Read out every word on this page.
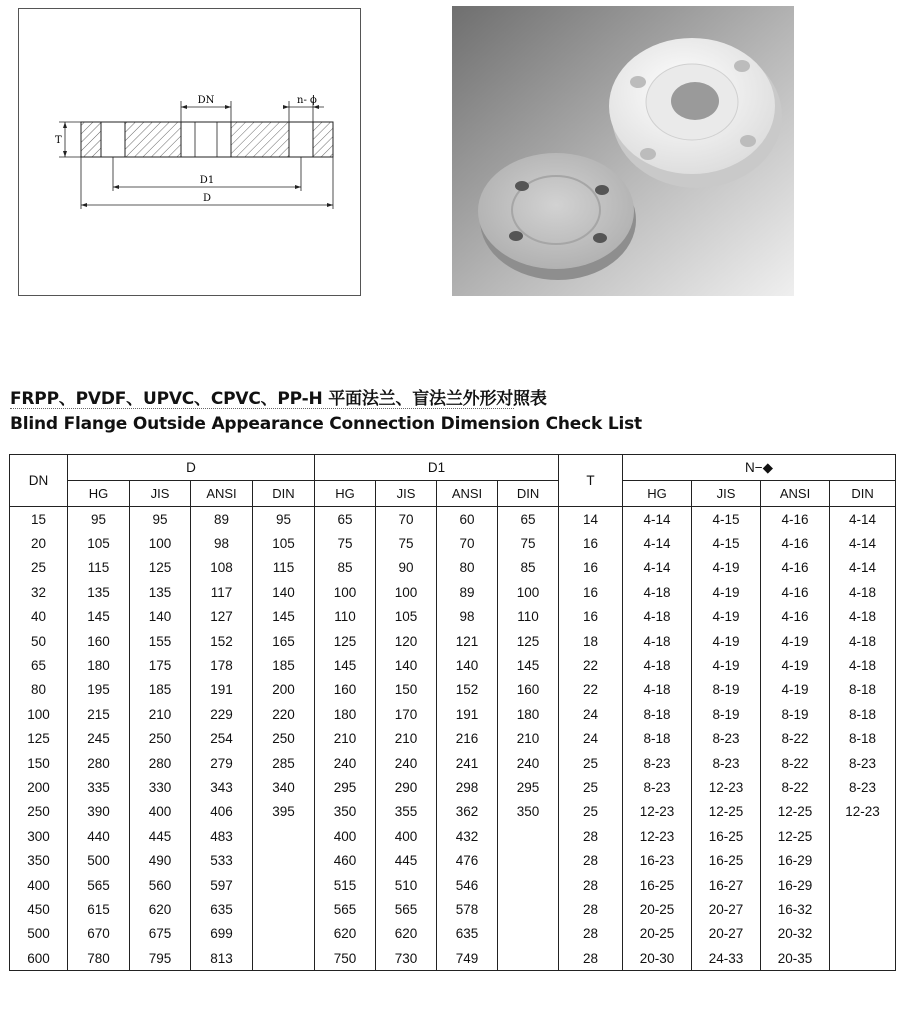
DN	n- ϕ
T
D1
D
FRPP、PVDF、UPVC、CPVC、PP-H 平面法兰、盲法兰外形对照表
Blind Flange Outside Appearance Connection Dimension Check List
DN	D				D1				T	N−◆			
	HG	JIS	ANSI	DIN	HG	JIS	ANSI	DIN		HG	JIS	ANSI	DIN
15	95	95	89	95	65	70	60	65	14	4-14	4-15	4-16	4-14
20	105	100	98	105	75	75	70	75	16	4-14	4-15	4-16	4-14
25	115	125	108	115	85	90	80	85	16	4-14	4-19	4-16	4-14
32	135	135	117	140	100	100	89	100	16	4-18	4-19	4-16	4-18
40	145	140	127	145	110	105	98	110	16	4-18	4-19	4-16	4-18
50	160	155	152	165	125	120	121	125	18	4-18	4-19	4-19	4-18
65	180	175	178	185	145	140	140	145	22	4-18	4-19	4-19	4-18
80	195	185	191	200	160	150	152	160	22	4-18	8-19	4-19	8-18
100	215	210	229	220	180	170	191	180	24	8-18	8-19	8-19	8-18
125	245	250	254	250	210	210	216	210	24	8-18	8-23	8-22	8-18
150	280	280	279	285	240	240	241	240	25	8-23	8-23	8-22	8-23
200	335	330	343	340	295	290	298	295	25	8-23	12-23	8-22	8-23
250	390	400	406	395	350	355	362	350	25	12-23	12-25	12-25	12-23
300	440	445	483		400	400	432		28	12-23	16-25	12-25	
350	500	490	533		460	445	476		28	16-23	16-25	16-29	
400	565	560	597		515	510	546		28	16-25	16-27	16-29	
450	615	620	635		565	565	578		28	20-25	20-27	16-32	
500	670	675	699		620	620	635		28	20-25	20-27	20-32	
600	780	795	813		750	730	749		28	20-30	24-33	20-35	
